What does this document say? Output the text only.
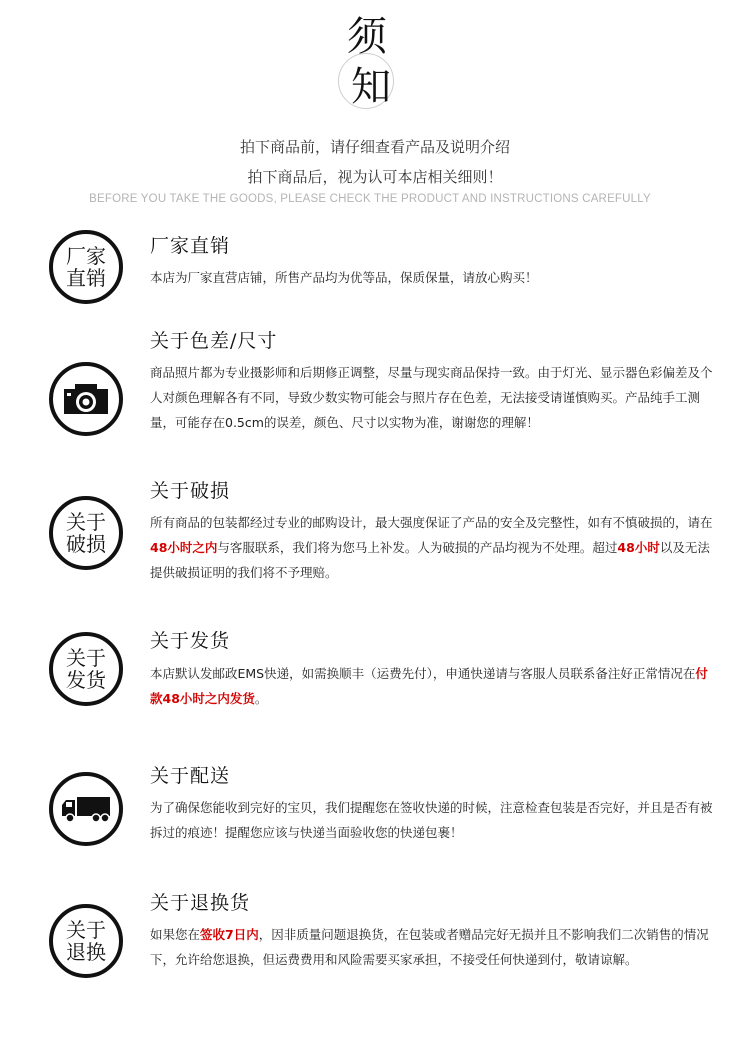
须
知
拍下商品前，请仔细查看产品及说明介绍
拍下商品后，视为认可本店相关细则！
BEFORE YOU TAKE THE GOODS, PLEASE CHECK THE PRODUCT AND INSTRUCTIONS CAREFULLY
厂家
直销
厂家直销
本店为厂家直营店铺，所售产品均为优等品，保质保量，请放心购买！
关于色差/尺寸
商品照片都为专业摄影师和后期修正调整，尽量与现实商品保持一致。由于灯光、显示器色彩偏差及个人对颜色理解各有不同，导致少数实物可能会与照片存在色差，无法接受请谨慎购买。产品纯手工测量，可能存在0.5cm的误差，颜色、尺寸以实物为准，谢谢您的理解！
关于
破损
关于破损
所有商品的包装都经过专业的邮购设计，最大强度保证了产品的安全及完整性，如有不慎破损的，请在48小时之内与客服联系，我们将为您马上补发。人为破损的产品均视为不处理。超过48小时以及无法提供破损证明的我们将不予理赔。
关于
发货
关于发货
本店默认发邮政EMS快递，如需换顺丰（运费先付），申通快递请与客服人员联系备注好正常情况在付款48小时之内发货。
关于配送
为了确保您能收到完好的宝贝，我们提醒您在签收快递的时候，注意检查包装是否完好，并且是否有被拆过的痕迹！提醒您应该与快递当面验收您的快递包裹！
关于
退换
关于退换货
如果您在签收7日内，因非质量问题退换货，在包装或者赠品完好无损并且不影响我们二次销售的情况下，允许给您退换，但运费费用和风险需要买家承担，不接受任何快递到付，敬请谅解。
